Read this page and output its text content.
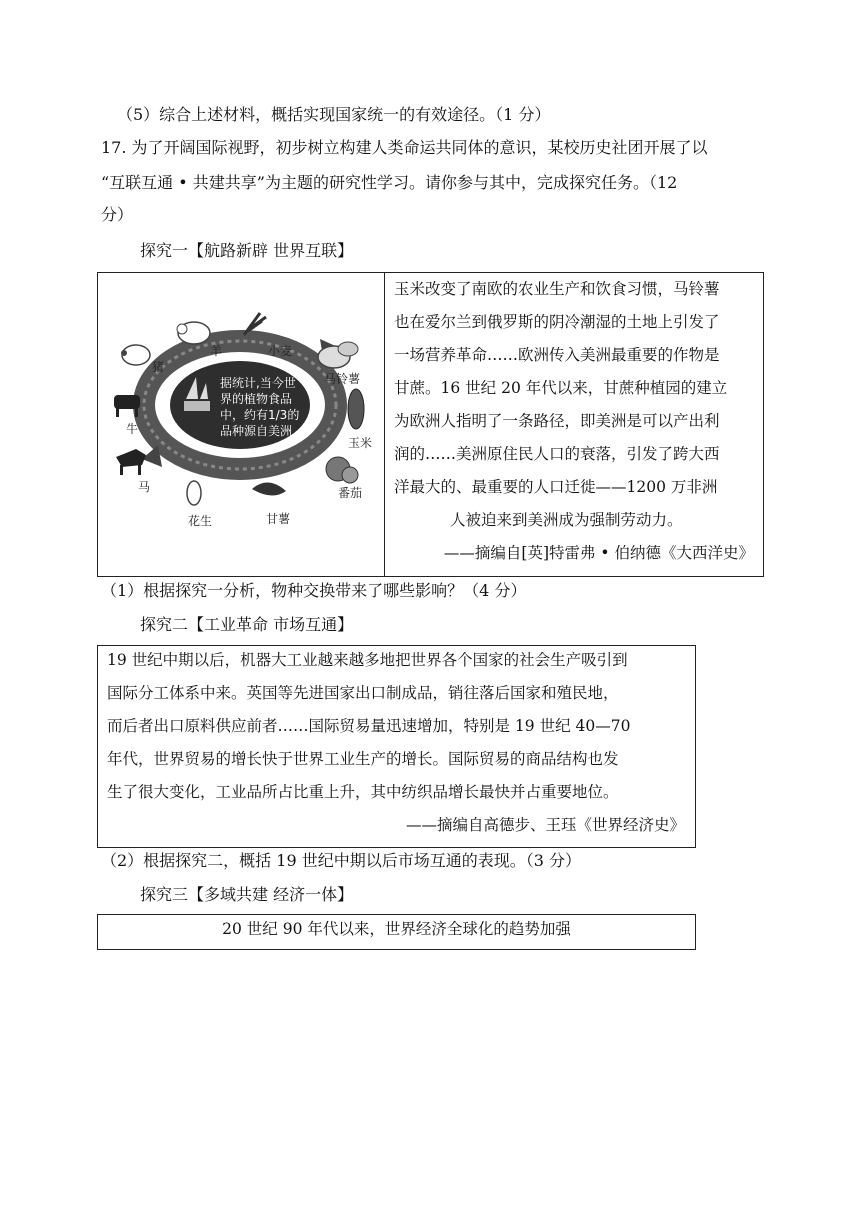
（5）综合上述材料，概括实现国家统一的有效途径。（1 分）
17. 为了开阔国际视野，初步树立构建人类命运共同体的意识，某校历史社团开展了以
“互联互通 • 共建共享”为主题的研究性学习。请你参与其中，完成探究任务。（12
分）
探究一【航路新辟 世界互联】
据统计,当今世
界的植物食品
中，约有1/3的
品种源自美洲
羊	小麦
猪
马铃薯
牛
玉米
马	番茄
花生	甘薯
玉米改变了南欧的农业生产和饮食习惯，马铃薯
也在爱尔兰到俄罗斯的阴冷潮湿的土地上引发了
一场营养革命……欧洲传入美洲最重要的作物是
甘蔗。16 世纪 20 年代以来，甘蔗种植园的建立
为欧洲人指明了一条路径，即美洲是可以产出利
润的……美洲原住民人口的衰落，引发了跨大西
洋最大的、最重要的人口迁徙——1200 万非洲
人被迫来到美洲成为强制劳动力。
——摘编自[英]特雷弗 • 伯纳德《大西洋史》
（1）根据探究一分析，物种交换带来了哪些影响？（4 分）
探究二【工业革命 市场互通】
19 世纪中期以后，机器大工业越来越多地把世界各个国家的社会生产吸引到
国际分工体系中来。英国等先进国家出口制成品，销往落后国家和殖民地，
而后者出口原料供应前者……国际贸易量迅速增加，特别是 19 世纪 40—70
年代，世界贸易的增长快于世界工业生产的增长。国际贸易的商品结构也发
生了很大变化，工业品所占比重上升，其中纺织品增长最快并占重要地位。
——摘编自高德步、王珏《世界经济史》
（2）根据探究二，概括 19 世纪中期以后市场互通的表现。（3 分）
探究三【多域共建 经济一体】
20 世纪 90 年代以来，世界经济全球化的趋势加强
